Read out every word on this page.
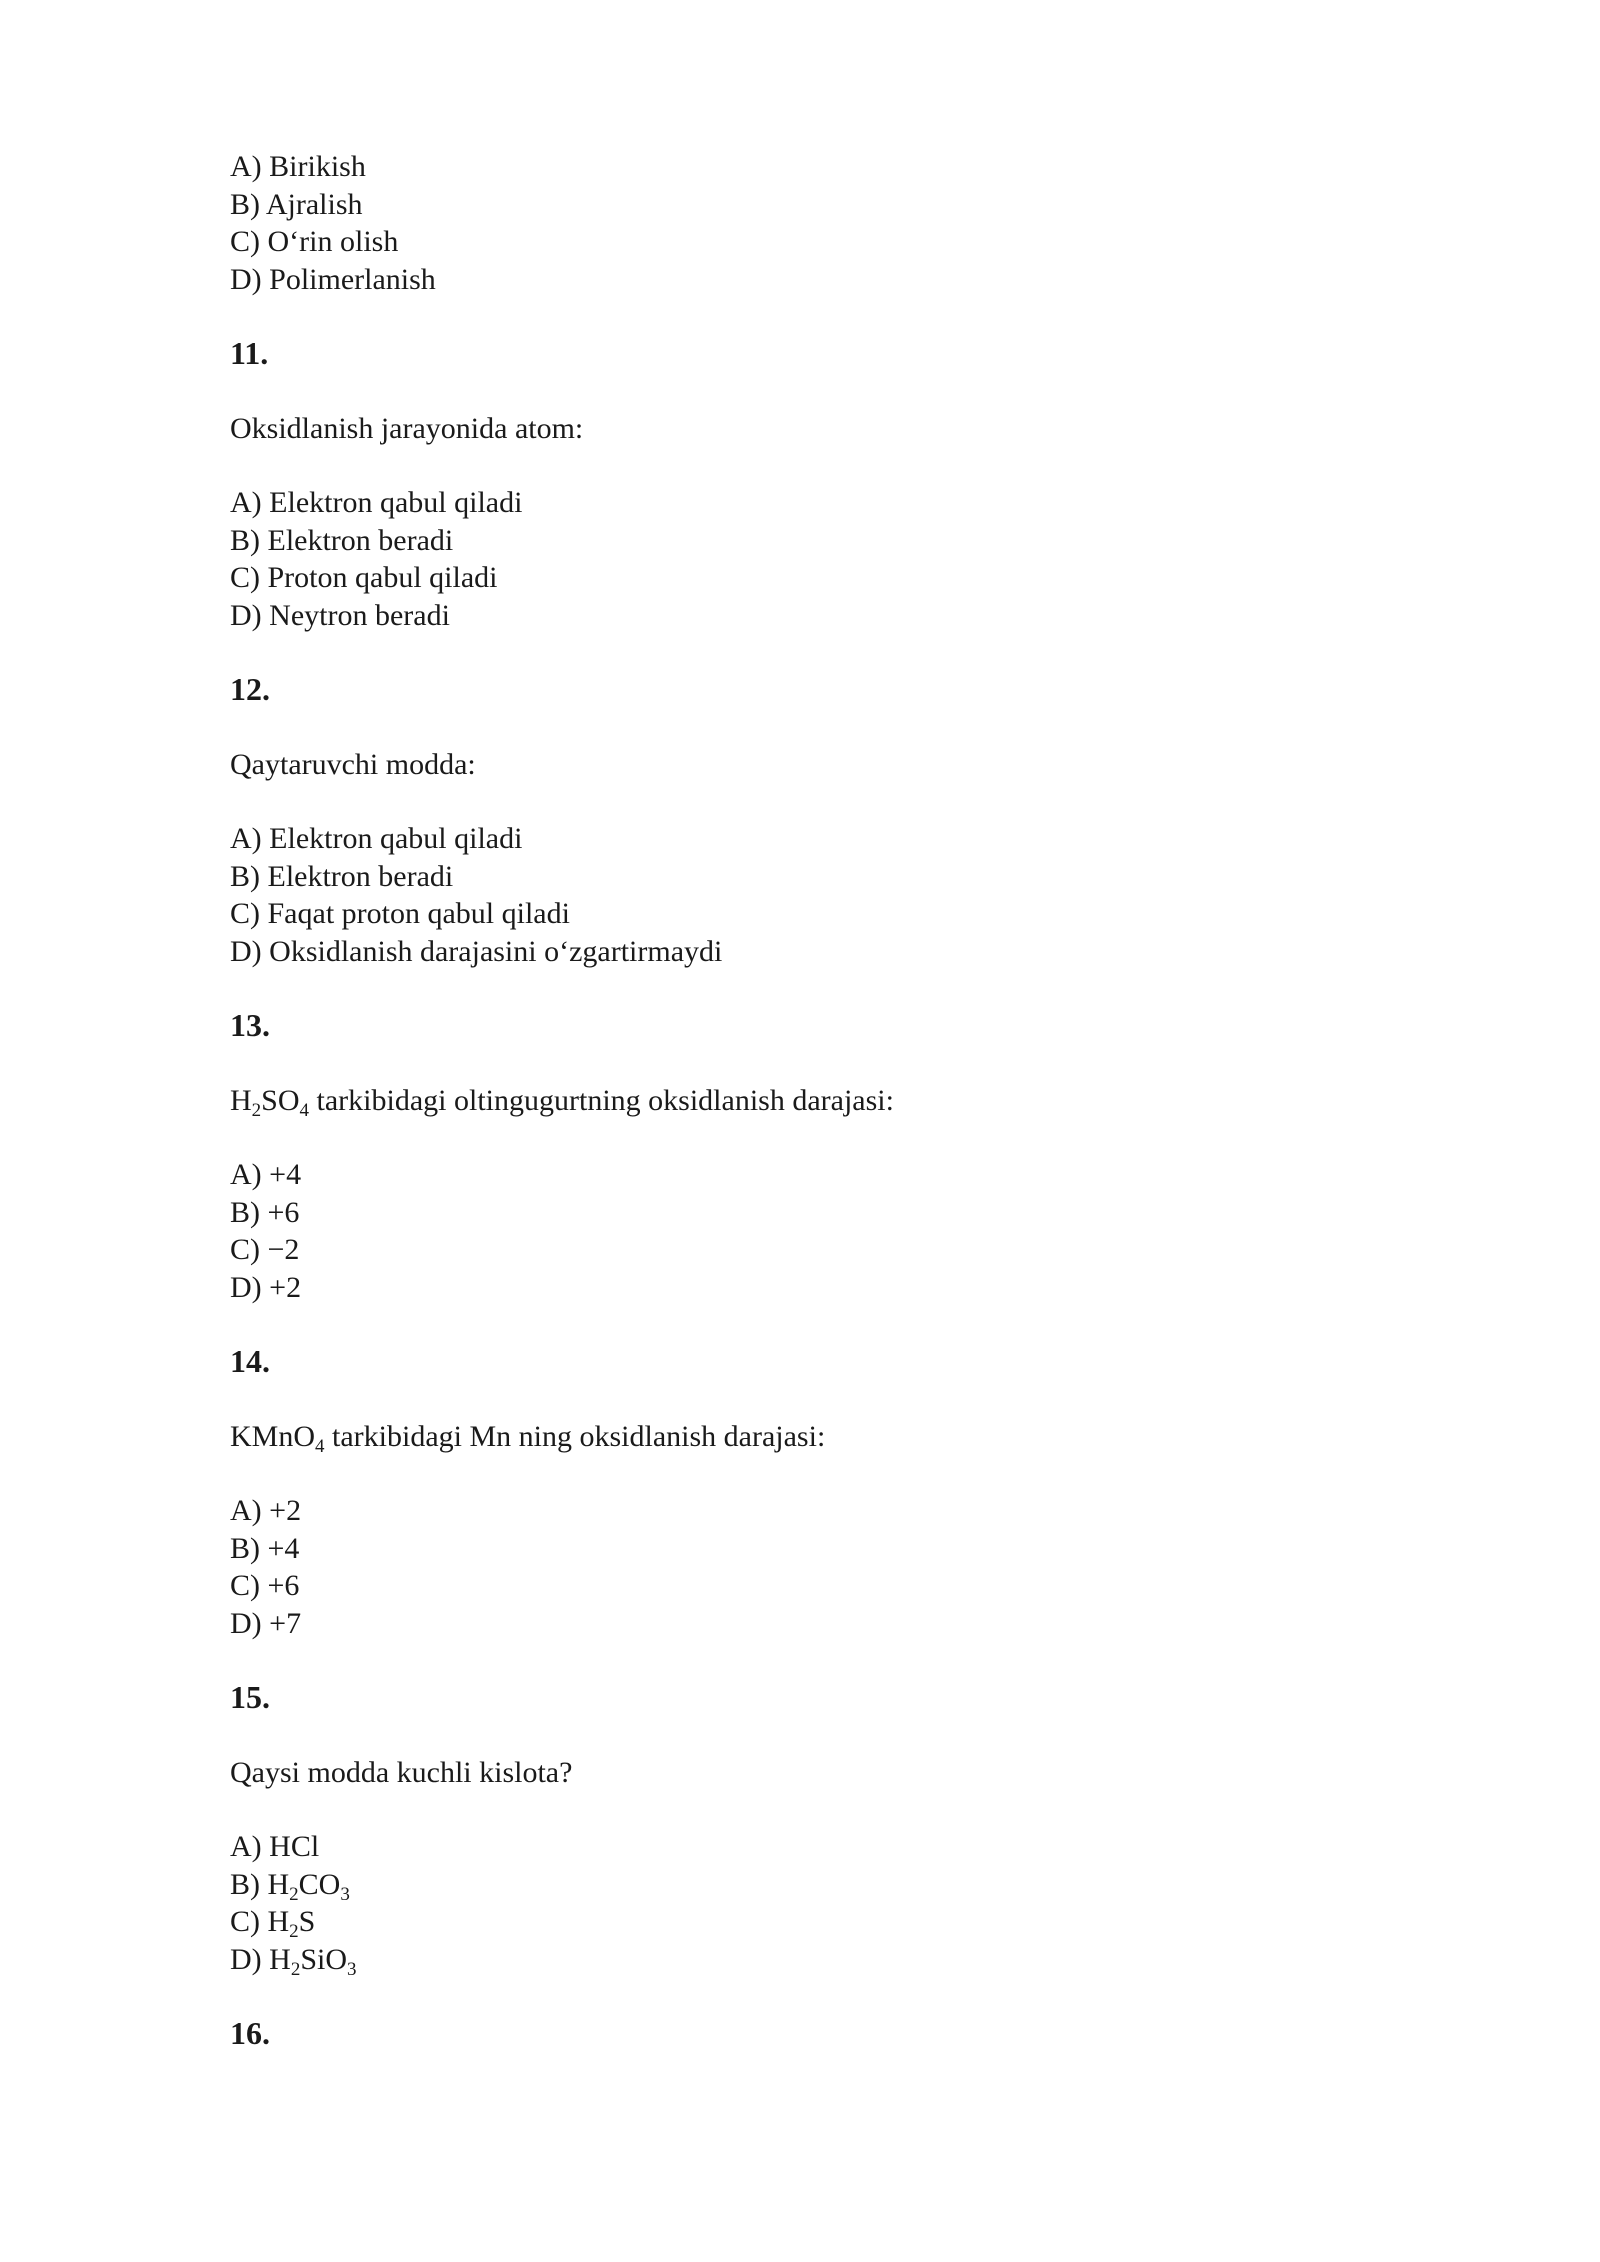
A) Birikish
B) Ajralish
C) O‘rin olish
D) Polimerlanish
11.
Oksidlanish jarayonida atom:
A) Elektron qabul qiladi
B) Elektron beradi
C) Proton qabul qiladi
D) Neytron beradi
12.
Qaytaruvchi modda:
A) Elektron qabul qiladi
B) Elektron beradi
C) Faqat proton qabul qiladi
D) Oksidlanish darajasini o‘zgartirmaydi
13.
$H_2SO_4$ tarkibidagi oltingugurtning oksidlanish darajasi:
A) +4
B) +6
C) −2
D) +2
14.
KMnO$_4$ tarkibidagi Mn ning oksidlanish darajasi:
A) +2
B) +4
C) +6
D) +7
15.
Qaysi modda kuchli kislota?
A) HCl
B) $H_2CO_3$
C) $H_2S$
D) $H_2SiO_3$
16.
